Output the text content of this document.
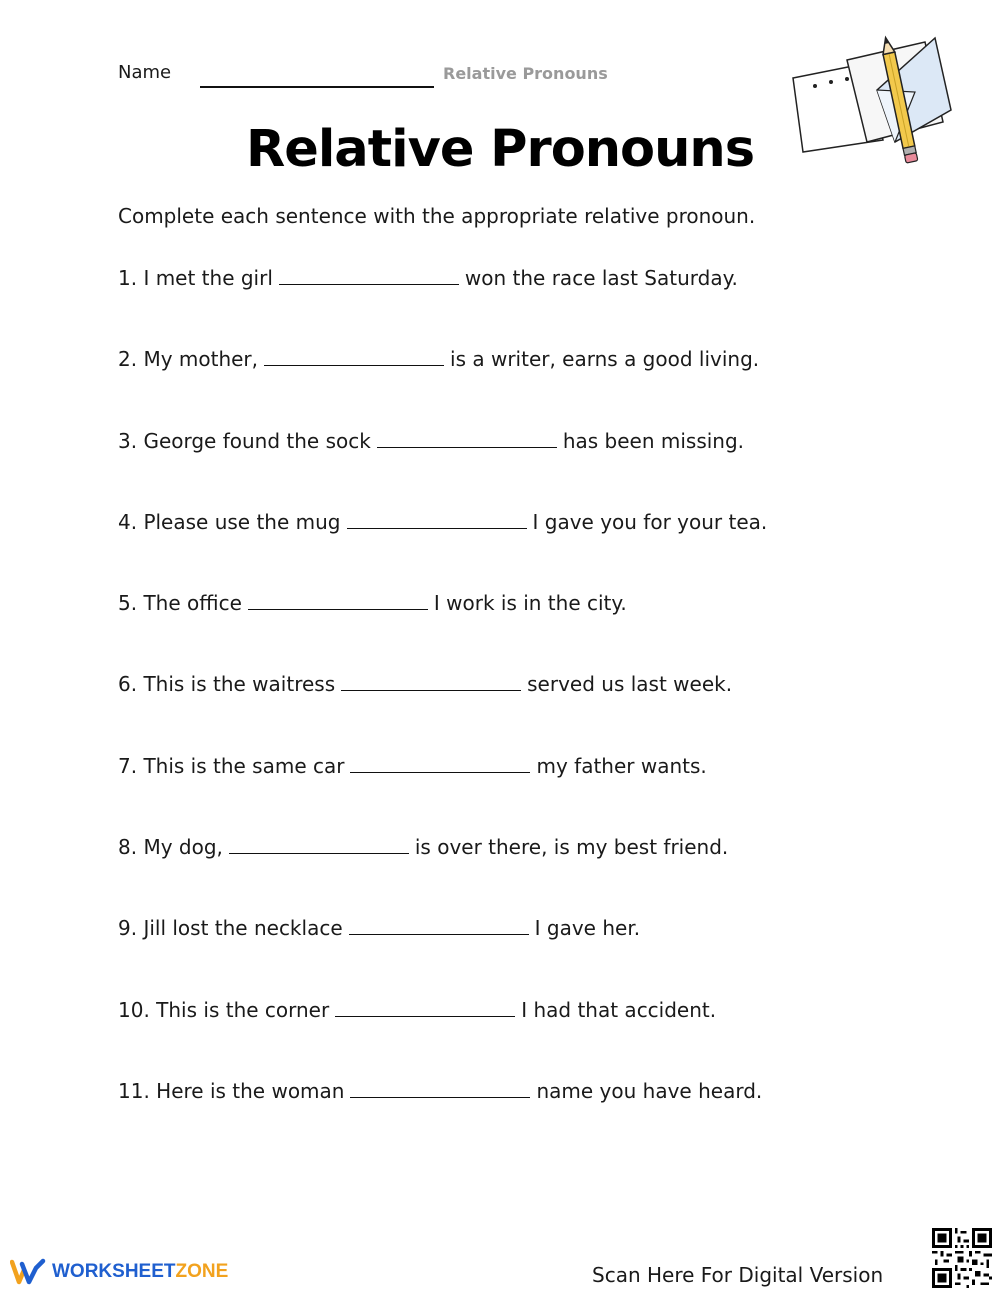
Name	Relative Pronouns
Relative Pronouns
Complete each sentence with the appropriate relative pronoun.
1. I met the girl	won the race last Saturday.
2. My mother,	is a writer, earns a good living.
3. George found the sock	has been missing.
4. Please use the mug	I gave you for your tea.
5. The office	I work is in the city.
6. This is the waitress	served us last week.
7. This is the same car	my father wants.
8. My dog,	is over there, is my best friend.
9. Jill lost the necklace	I gave her.
10. This is the corner	I had that accident.
11. Here is the woman	name you have heard.
WORKSHEETZONE	Scan Here For Digital Version
